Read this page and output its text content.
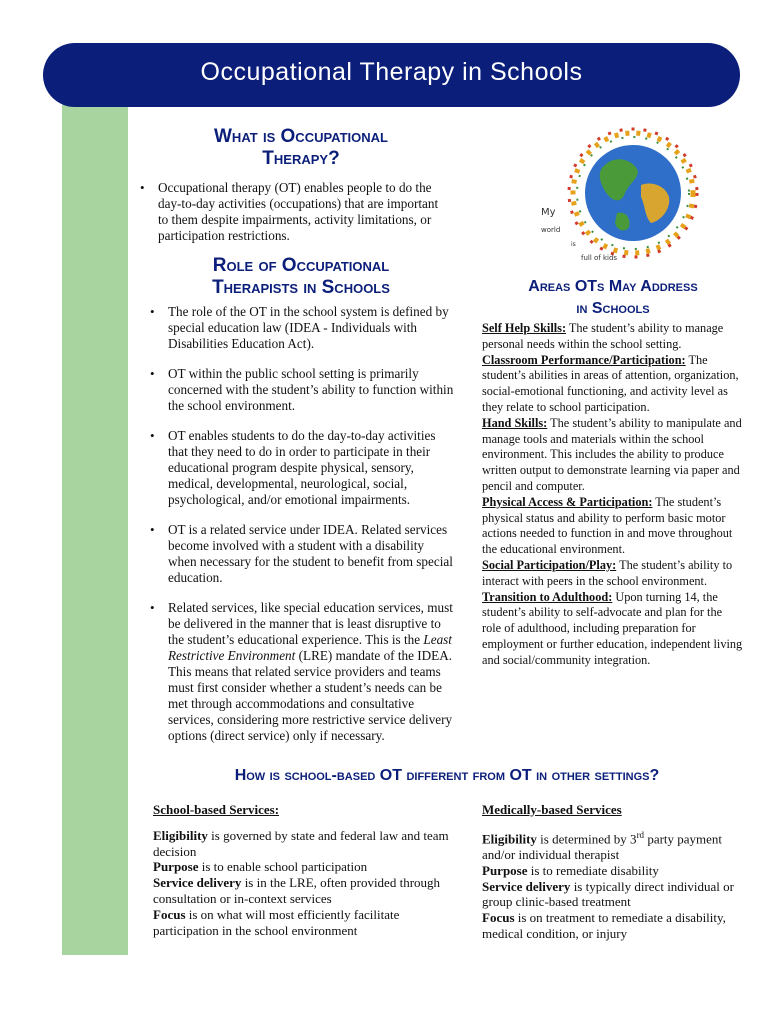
Occupational Therapy in Schools
What is Occupational
Therapy?
• Occupational therapy (OT) enables people to do the day-to-day activities (occupations) that are important to them despite impairments, activity limitations, or participation restrictions.
Role of Occupational
Therapists in Schools
• The role of the OT in the school system is defined by special education law (IDEA - Individuals with Disabilities Education Act).
• OT within the public school setting is primarily concerned with the student’s ability to function within the school environment.
• OT enables students to do the day-to-day activities that they need to do in order to participate in their educational program despite physical, sensory, medical, developmental, neurological, social, psychological, and/or emotional impairments.
• OT is a related service under IDEA. Related services become involved with a student with a disability when necessary for the student to benefit from special education.
• Related services, like special education services, must be delivered in the manner that is least disruptive to the student’s educational experience. This is the Least Restrictive Environment (LRE) mandate of the IDEA. This means that related service providers and teams must first consider whether a student’s needs can be met through accommodations and consultative services, considering more restrictive service delivery options (direct service) only if necessary.
My
world
is
full of kids
Areas OTs May Address
in Schools

Self Help Skills: The student’s ability to manage personal needs within the school setting.

Classroom Performance/Participation: The student’s abilities in areas of attention, organization, social-emotional functioning, and activity level as they relate to school participation.

Hand Skills: The student’s ability to manipulate and manage tools and materials within the school environment. This includes the ability to produce written output to demonstrate learning via paper and pencil and computer.

Physical Access & Participation: The student’s physical status and ability to perform basic motor actions needed to function in and move throughout the educational environment.

Social Participation/Play: The student’s ability to interact with peers in the school environment.

Transition to Adulthood: Upon turning 14, the student’s ability to self-advocate and plan for the role of adulthood, including preparation for employment or further education, independent living and social/community integration.

How is school-based OT different from OT in other settings?
School-based Services:

Eligibility is governed by state and federal law and team decision

Purpose is to enable school participation

Service delivery is in the LRE, often provided through consultation or in-context services

Focus is on what will most efficiently facilitate participation in the school environment

Medically-based Services

Eligibility is determined by 3rd party payment and/or individual therapist

Purpose is to remediate disability

Service delivery is typically direct individual or group clinic-based treatment

Focus is on treatment to remediate a disability, medical condition, or injury
